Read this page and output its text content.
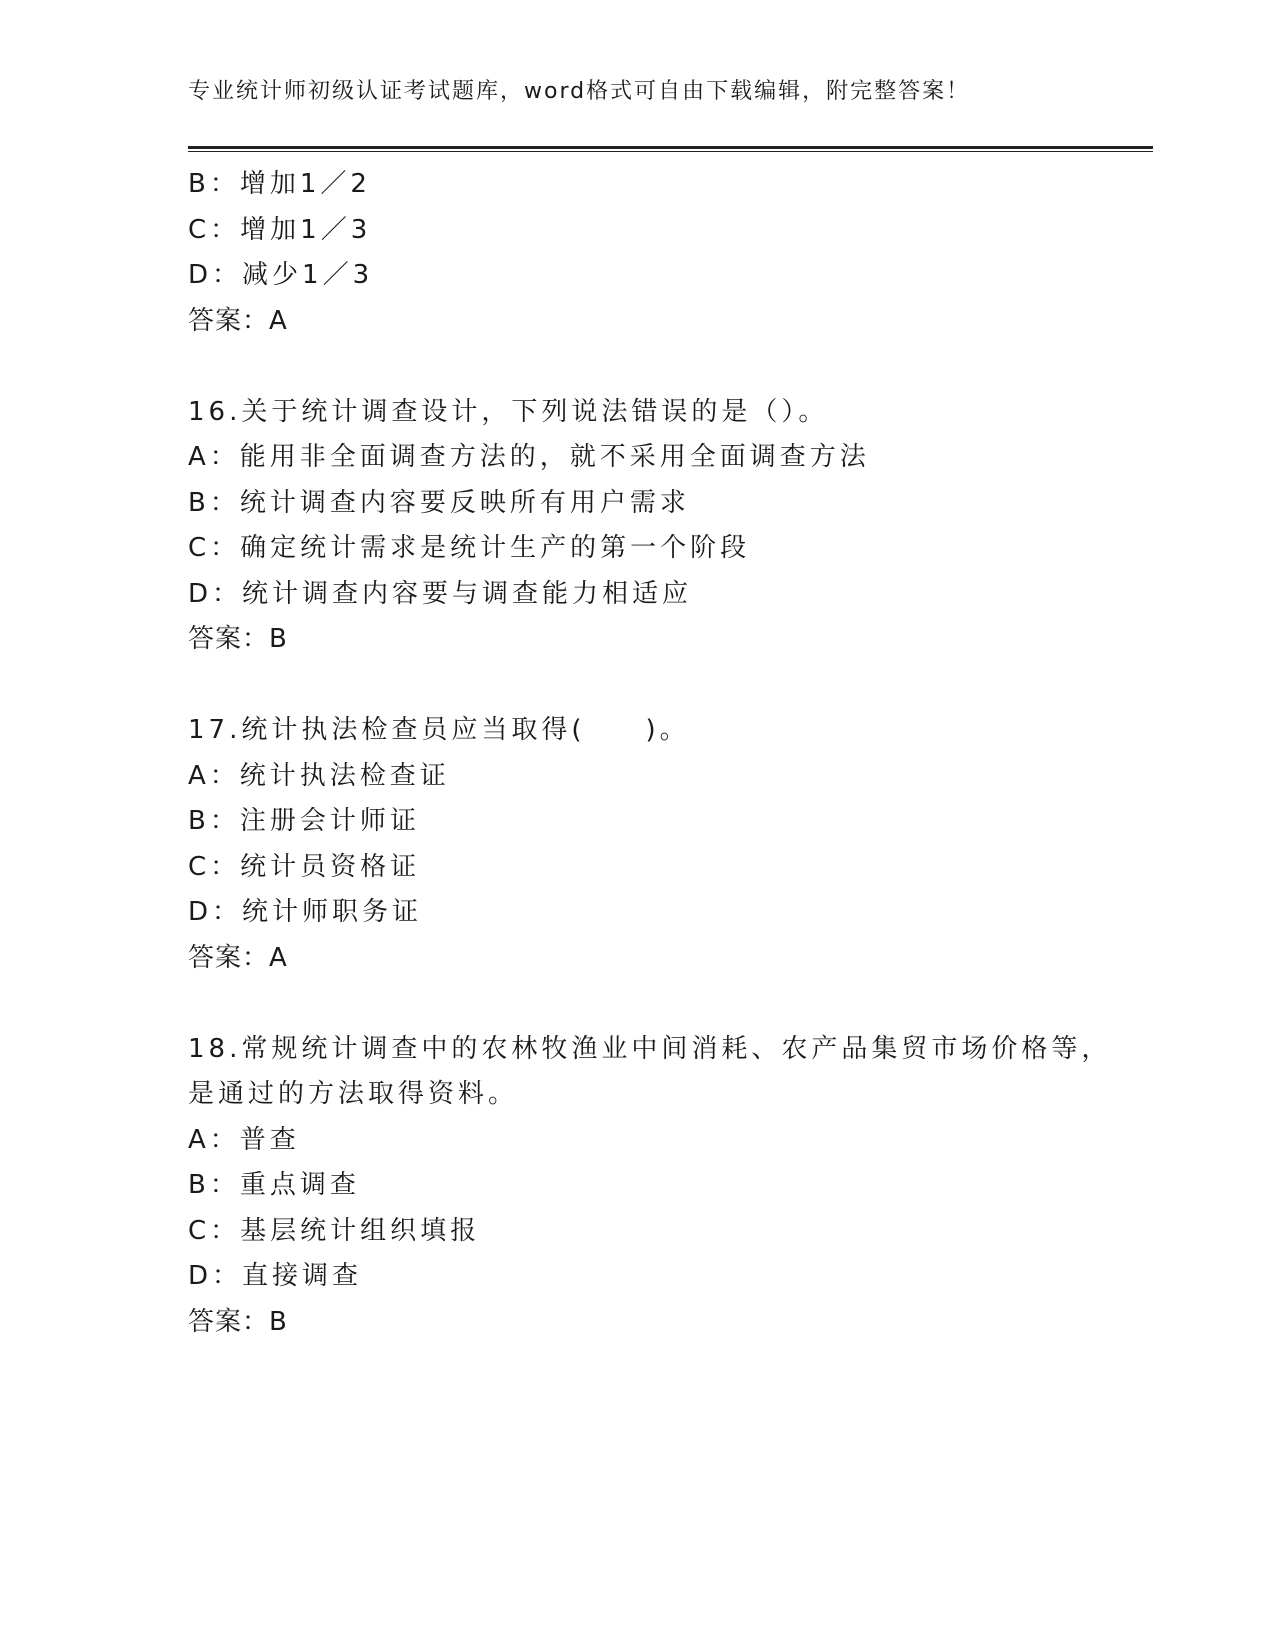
专业统计师初级认证考试题库，word格式可自由下载编辑，附完整答案！
B：增加1／2
C：增加1／3
D：减少1／3
答案：A
16.关于统计调查设计，下列说法错误的是（）。
A：能用非全面调查方法的，就不采用全面调查方法
B：统计调查内容要反映所有用户需求
C：确定统计需求是统计生产的第一个阶段
D：统计调查内容要与调查能力相适应
答案：B
17.统计执法检查员应当取得(　　)。
A：统计执法检查证
B：注册会计师证
C：统计员资格证
D：统计师职务证
答案：A
18.常规统计调查中的农林牧渔业中间消耗、农产品集贸市场价格等，
是通过的方法取得资料。
A：普查
B：重点调查
C：基层统计组织填报
D：直接调查
答案：B
